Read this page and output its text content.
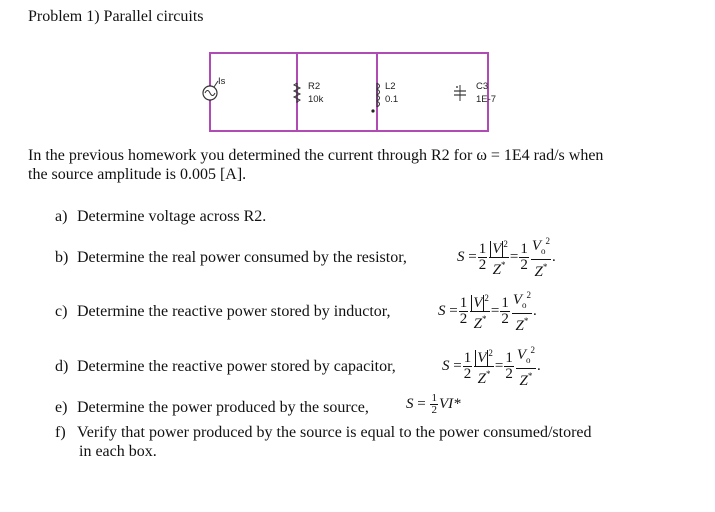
Problem 1) Parallel circuits
Is	R2
10k
L2
0.1
C3
1E-7
In the previous homework you determined the current through R2 for ω = 1E4 rad/s when
the source amplitude is 0.005 [A].
a) Determine voltage across R2.
b) Determine the real power consumed by the resistor,	S
= $\frac{1}{2} \frac{V ^2}{Z^*} = \frac{1}{2} \frac{V_o^2}{Z^*}$ .
c) Determine the reactive power stored by inductor,	S
= $\frac{1}{2} \frac{V ^2}{Z^*} = \frac{1}{2} \frac{V_o^2}{Z^*}$ .
d) Determine the reactive power stored by capacitor,	S
= $\frac{1}{2} \frac{V ^2}{Z^*} = \frac{1}{2} \frac{V_o^2}{Z^*}$ .
e) Determine the power produced by the source, S
=
$\frac{1}{2} VI*$
f) Verify that power produced by the source is equal to the power consumed/stored
in each box.
